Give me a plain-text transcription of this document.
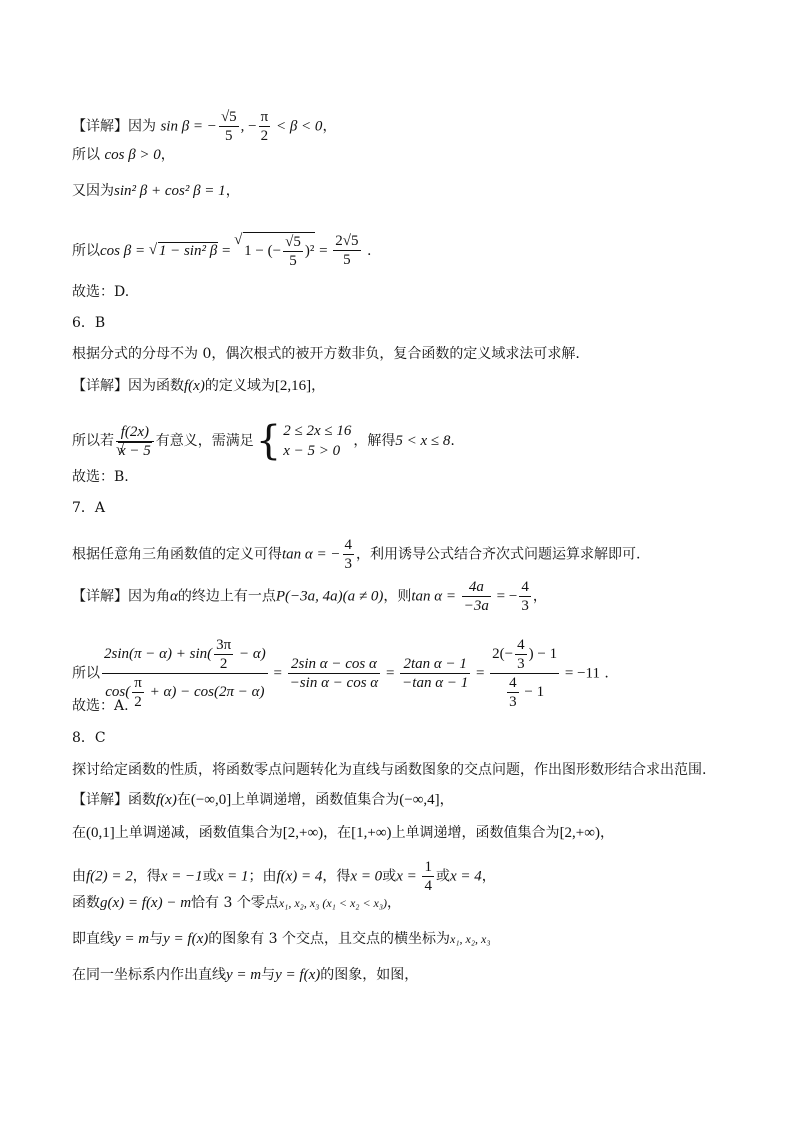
【详解】因为 sin β = − $\frac{√5}{5}$ , − $\frac{\pi}{2} < \beta < 0$，
所以 cos β > 0，
又因为sin² β + cos² β = 1，
所以cos β = √ 1 − sin² β = √ 1 − (− $\frac{√5}{5} )^2 = \frac{2√5}{5}$ .
故选：D.
6．B
根据分式的分母不为 0，偶次根式的被开方数非负，复合函数的定义域求法可求解.
【详解】因为函数f(x)的定义域为[2,16]，
所以若 f(2x)
√ x − 5 有意义，需满足 { 2 ≤ 2x ≤ 16
x − 5 > 0
，解得5 < x ≤ 8.
故选：B.
7．A
根据任意角三角函数值的定义可得tan α = − $\frac{4}{3}$ ，利用诱导公式结合齐次式问题运算求解即可.
【详解】因为角α的终边上有一点P(−3a, 4a)(a ≠ 0)，则$\tan \alpha = \frac{4a}{-3a}$ = − $\frac{4}{3}$ ，
所以 $\frac{2\sin(\pi - \alpha) + \sin( \frac{3\pi}{2} - \alpha)}{\cos( \frac{\pi}{2} + \alpha) - \cos(2\pi - \alpha)} = \frac{\text{2sin α − cos α}}{\text{−sin α − cos α}} = \frac{\text{2tan α − 1}}{\text{−tan α − 1}} = \frac{2(- \frac{4}{3} ) - 1}{\frac{4}{3} - 1} = -11$ .
故选：A.
8．C
探讨给定函数的性质，将函数零点问题转化为直线与函数图象的交点问题，作出图形数形结合求出范围.
【详解】函数f(x)在(−∞,0]上单调递增，函数值集合为(−∞,4]，
在(0,1]上单调递减，函数值集合为[2,+∞)，在[1,+∞)上单调递增，函数值集合为[2,+∞)，
由f(2) = 2，得x = −1或x = 1；由f(x) = 4，得x = 0或$x = \frac{1}{4}$ 或x = 4，
函数g(x) = f(x) − m恰有 3 个零点x₁, x₂, x₃ (x₁ < x₂ < x₃)，
即直线y = m与y = f(x)的图象有 3 个交点，且交点的横坐标为x₁, x₂, x₃
在同一坐标系内作出直线y = m与y = f(x)的图象，如图，
